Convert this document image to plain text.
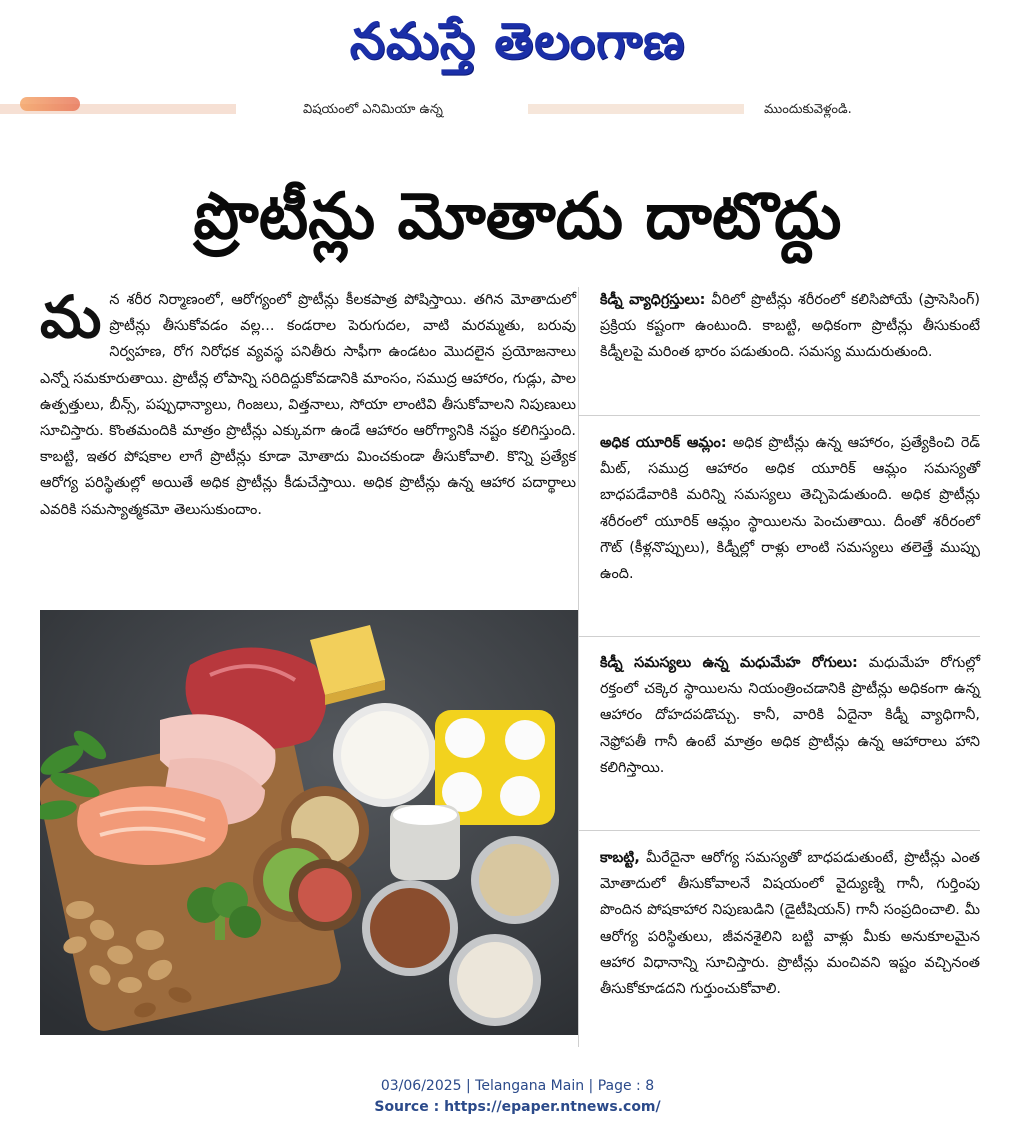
నమస్తే తెలంగాణ
విషయంలో ఎనిమియా ఉన్న	ముందుకువెళ్లండి.
ప్రొటీన్లు మోతాదు దాటొద్దు
మ న శరీర నిర్మాణంలో, ఆరోగ్యంలో ప్రొటీన్లు కీలకపాత్ర పోషిస్తాయి. తగిన మోతాదులో ప్రొటీన్లు తీసుకోవడం వల్ల... కండరాల పెరుగుదల, వాటి మరమ్మతు, బరువు నిర్వహణ, రోగ నిరోధక వ్యవస్థ పనితీరు సాఫీగా ఉండటం మొదలైన ప్రయోజనాలు ఎన్నో సమకూరుతాయి. ప్రొటీన్ల లోపాన్ని సరిదిద్దుకోవడానికి మాంసం, సముద్ర ఆహారం, గుడ్లు, పాల ఉత్పత్తులు, బీన్స్, పప్పుధాన్యాలు, గింజలు, విత్తనాలు, సోయా లాంటివి తీసుకోవాలని నిపుణులు సూచిస్తారు. కొంతమందికి మాత్రం ప్రొటీన్లు ఎక్కువగా ఉండే ఆహారం ఆరోగ్యానికి నష్టం కలిగిస్తుంది. కాబట్టి, ఇతర పోషకాల లాగే ప్రొటీన్లు కూడా మోతాదు మించకుండా తీసుకోవాలి. కొన్ని ప్రత్యేక ఆరోగ్య పరిస్థితుల్లో అయితే అధిక ప్రొటీన్లు కీడుచేస్తాయి. అధిక ప్రొటీన్లు ఉన్న ఆహార పదార్థాలు ఎవరికి సమస్యాత్మకమో తెలుసుకుందాం.

కిడ్నీ వ్యాధిగ్రస్తులు: వీరిలో ప్రొటీన్లు శరీరంలో కలిసిపోయే (ప్రాసెసింగ్) ప్రక్రియ కష్టంగా ఉంటుంది. కాబట్టి, అధికంగా ప్రొటీన్లు తీసుకుంటే కిడ్నీలపై మరింత భారం పడుతుంది. సమస్య ముదురుతుంది.

అధిక యూరిక్ ఆమ్లం: అధిక ప్రొటీన్లు ఉన్న ఆహారం, ప్రత్యేకించి రెడ్ మీట్, సముద్ర ఆహారం అధిక యూరిక్ ఆమ్లం సమస్యతో బాధపడేవారికి మరిన్ని సమస్యలు తెచ్చిపెడుతుంది. అధిక ప్రొటీన్లు శరీరంలో యూరిక్ ఆమ్లం స్థాయిలను పెంచుతాయి. దీంతో శరీరంలో గౌట్ (కీళ్లనొప్పులు), కిడ్నీల్లో రాళ్లు లాంటి సమస్యలు తలెత్తే ముప్పు ఉంది.

కిడ్నీ సమస్యలు ఉన్న మధుమేహ రోగులు: మధుమేహ రోగుల్లో రక్తంలో చక్కెర స్థాయిలను నియంత్రించడానికి ప్రొటీన్లు అధికంగా ఉన్న ఆహారం దోహదపడొచ్చు. కానీ, వారికి ఏదైనా కిడ్నీ వ్యాధిగానీ, నెఫ్రోపతీ గానీ ఉంటే మాత్రం అధిక ప్రొటీన్లు ఉన్న ఆహారాలు హాని కలిగిస్తాయి.

కాబట్టి, మీరేదైనా ఆరోగ్య సమస్యతో బాధపడుతుంటే, ప్రొటీన్లు ఎంత మోతాదులో తీసుకోవాలనే విషయంలో వైద్యుణ్ని గానీ, గుర్తింపు పొందిన పోషకాహార నిపుణుడిని (డైటీషియన్) గానీ సంప్రదించాలి. మీ ఆరోగ్య పరిస్థితులు, జీవనశైలిని బట్టి వాళ్లు మీకు అనుకూలమైన ఆహార విధానాన్ని సూచిస్తారు. ప్రొటీన్లు మంచివని ఇష్టం వచ్చినంత తీసుకోకూడదని గుర్తుంచుకోవాలి.

03/06/2025 | Telangana Main | Page : 8
Source : https://epaper.ntnews.com/
